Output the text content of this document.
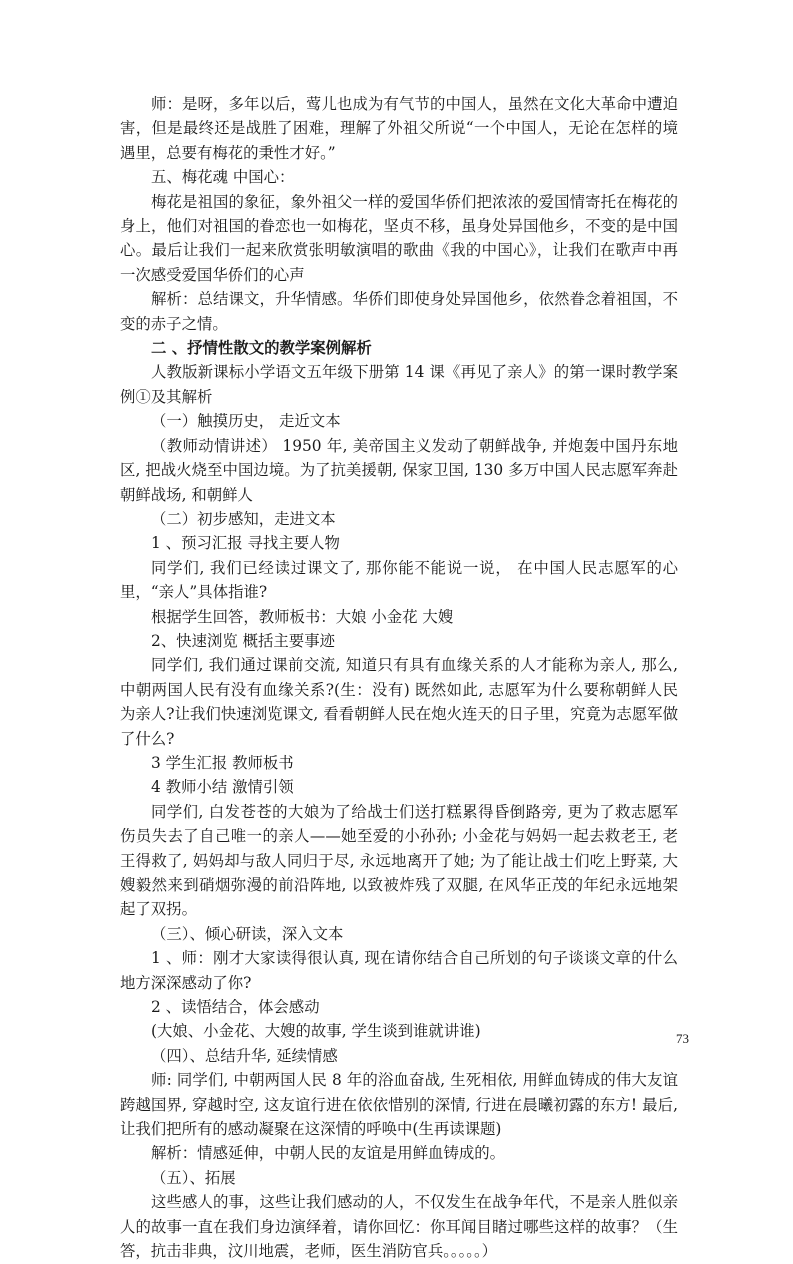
师：是呀，多年以后，莺儿也成为有气节的中国人，虽然在文化大革命中遭迫害，但是最终还是战胜了困难，理解了外祖父所说“一个中国人，无论在怎样的境遇里，总要有梅花的秉性才好。”

五、梅花魂 中国心：

梅花是祖国的象征，象外祖父一样的爱国华侨们把浓浓的爱国情寄托在梅花的身上，他们对祖国的眷恋也一如梅花，坚贞不移，虽身处异国他乡，不变的是中国心。最后让我们一起来欣赏张明敏演唱的歌曲《我的中国心》，让我们在歌声中再一次感受爱国华侨们的心声

解析：总结课文，升华情感。华侨们即使身处异国他乡，依然眷念着祖国，不变的赤子之情。

二 、抒情性散文的教学案例解析

人教版新课标小学语文五年级下册第 14 课《再见了亲人》的第一课时教学案例①及其解析

（一）触摸历史， 走近文本

（教师动情讲述） 1950 年, 美帝国主义发动了朝鲜战争, 并炮轰中国丹东地区, 把战火烧至中国边境。为了抗美援朝, 保家卫国, 130 多万中国人民志愿军奔赴朝鲜战场, 和朝鲜人

（二）初步感知，走进文本

1 、预习汇报 寻找主要人物

同学们, 我们已经读过课文了, 那你能不能说一说， 在中国人民志愿军的心里，“亲人”具体指谁?

根据学生回答，教师板书：大娘 小金花 大嫂

2、快速浏览 概括主要事迹

同学们, 我们通过课前交流, 知道只有具有血缘关系的人才能称为亲人, 那么, 中朝两国人民有没有血缘关系?(生：没有) 既然如此, 志愿军为什么要称朝鲜人民为亲人?让我们快速浏览课文, 看看朝鲜人民在炮火连天的日子里，究竟为志愿军做了什么?

3 学生汇报 教师板书

4 教师小结 激情引领

同学们, 白发苍苍的大娘为了给战士们送打糕累得昏倒路旁, 更为了救志愿军伤员失去了自己唯一的亲人——她至爱的小孙孙; 小金花与妈妈一起去救老王, 老王得救了, 妈妈却与敌人同归于尽, 永远地离开了她; 为了能让战士们吃上野菜, 大嫂毅然来到硝烟弥漫的前沿阵地, 以致被炸残了双腿, 在风华正茂的年纪永远地架起了双拐。

（三）、倾心研读，深入文本

1 、师：刚才大家读得很认真, 现在请你结合自己所划的句子谈谈文章的什么地方深深感动了你?

2 、读悟结合，体会感动

(大娘、小金花、大嫂的故事, 学生谈到谁就讲谁)

（四）、总结升华, 延续情感

师: 同学们, 中朝两国人民 8 年的浴血奋战, 生死相依, 用鲜血铸成的伟大友谊跨越国界, 穿越时空, 这友谊行进在依依惜别的深情, 行进在晨曦初露的东方! 最后, 让我们把所有的感动凝聚在这深情的呼唤中(生再读课题)

解析：情感延伸，中朝人民的友谊是用鲜血铸成的。

（五）、拓展

这些感人的事，这些让我们感动的人，不仅发生在战争年代，不是亲人胜似亲人的故事一直在我们身边演绎着，请你回忆：你耳闻目睹过哪些这样的故事？（生答，抗击非典，汶川地震，老师，医生消防官兵。。。。。）

73
